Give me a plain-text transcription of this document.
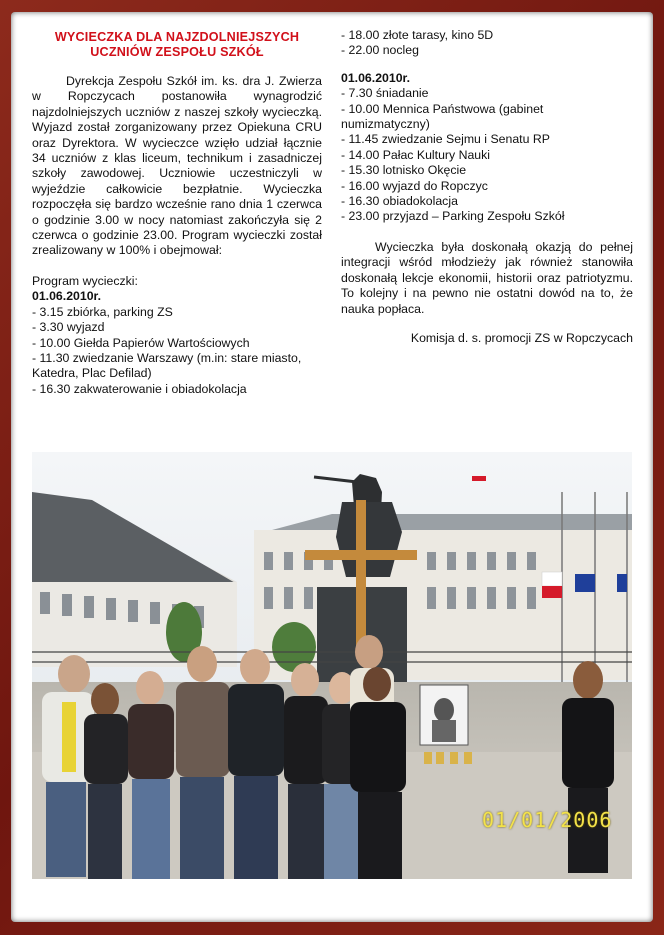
WYCIECZKA DLA NAJZDOLNIEJSZYCH
UCZNIÓW ZESPOŁU SZKÓŁ
Dyrekcja Zespołu Szkół im. ks. dra J. Zwierza w Ropczycach postanowiła wynagrodzić najzdolniejszych uczniów z naszej szkoły wycieczką. Wyjazd został zorganizowany przez Opiekuna CRU oraz Dyrektora. W wycieczce wzięło udział łącznie 34 uczniów z klas liceum, technikum i zasadniczej szkoły zawodowej. Uczniowie uczestniczyli w wyjeździe całkowicie bezpłatnie. Wycieczka rozpoczęła się bardzo wcześnie rano dnia 1 czerwca o godzinie 3.00 w nocy natomiast zakończyła się 2 czerwca o godzinie 23.00. Program wycieczki został zrealizowany w 100% i obejmował:
Program wycieczki:
01.06.2010r.
- 3.15 zbiórka, parking ZS
- 3.30 wyjazd
- 10.00 Giełda Papierów Wartościowych
- 11.30 zwiedzanie Warszawy (m.in: stare miasto, Katedra, Plac Defilad)
- 16.30 zakwaterowanie i obiadokolacja
- 18.00 złote tarasy, kino 5D
- 22.00 nocleg
01.06.2010r.
- 7.30 śniadanie
- 10.00 Mennica Państwowa (gabinet numizmatyczny)
- 11.45 zwiedzanie Sejmu i Senatu RP
- 14.00 Pałac Kultury Nauki
- 15.30 lotnisko Okęcie
- 16.00 wyjazd do Ropczyc
- 16.30 obiadokolacja
- 23.00 przyjazd – Parking Zespołu Szkół
Wycieczka była doskonałą okazją do pełnej integracji wśród młodzieży jak również stanowiła doskonałą lekcje ekonomii, historii oraz patriotyzmu. To kolejny i na pewno nie ostatni dowód na to, że nauka popłaca.
Komisja d. s. promocji ZS w Ropczycach
01/01/2006
